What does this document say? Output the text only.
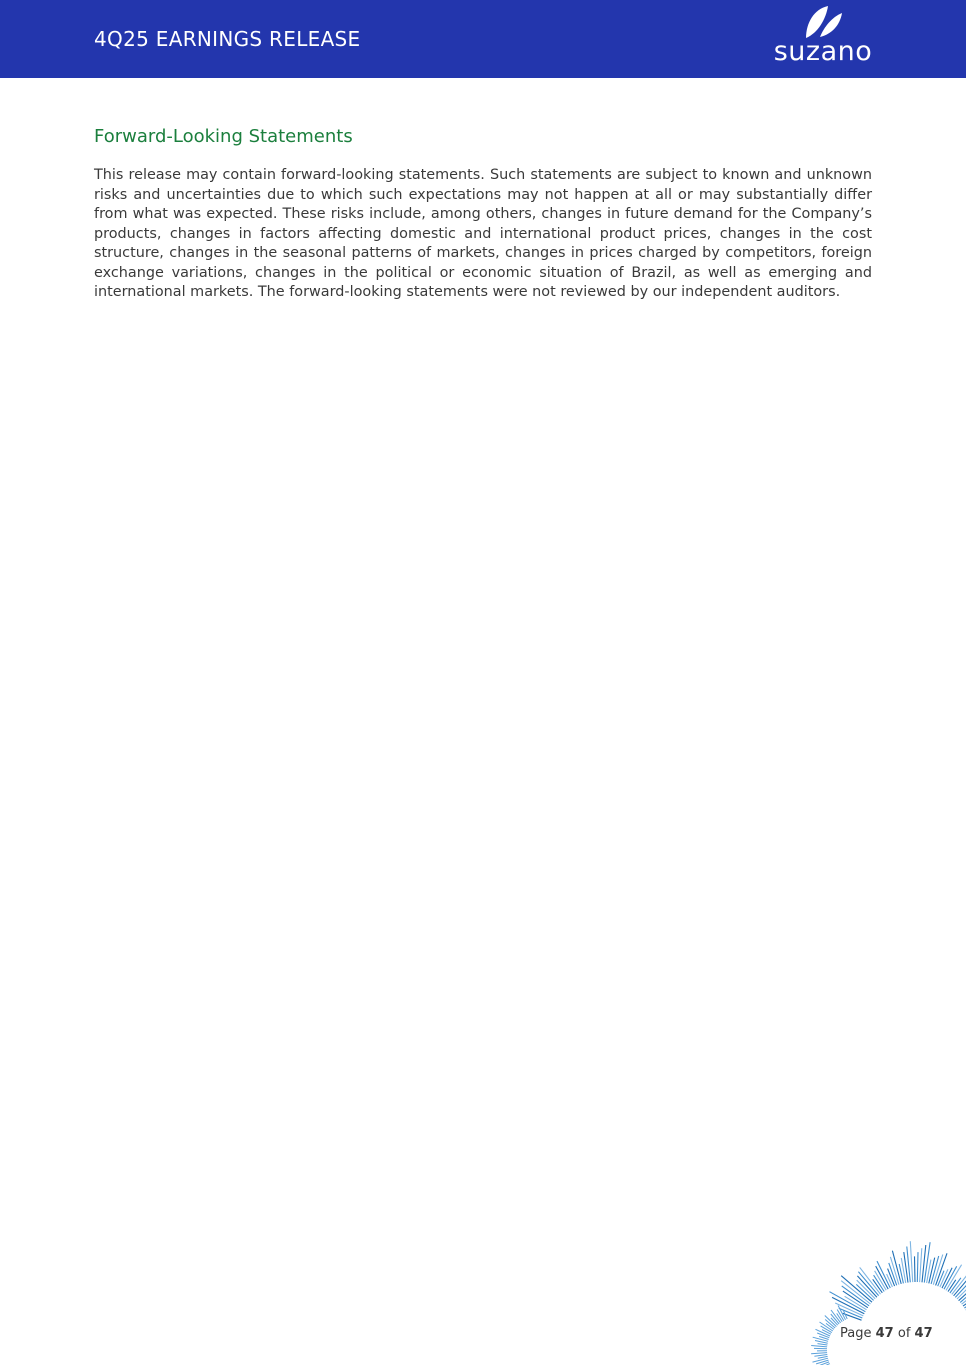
4Q25 EARNINGS RELEASE	suzano
Forward-Looking Statements

This release may contain forward-looking statements. Such statements are subject to known and unknown risks and uncertainties due to which such expectations may not happen at all or may substantially differ from what was expected. These risks include, among others, changes in future demand for the Company’s products, changes in factors affecting domestic and international product prices, changes in the cost structure, changes in the seasonal patterns of markets, changes in prices charged by competitors, foreign exchange variations, changes in the political or economic situation of Brazil, as well as emerging and international markets. The forward-looking statements were not reviewed by our independent auditors.

Page 47 of 47
